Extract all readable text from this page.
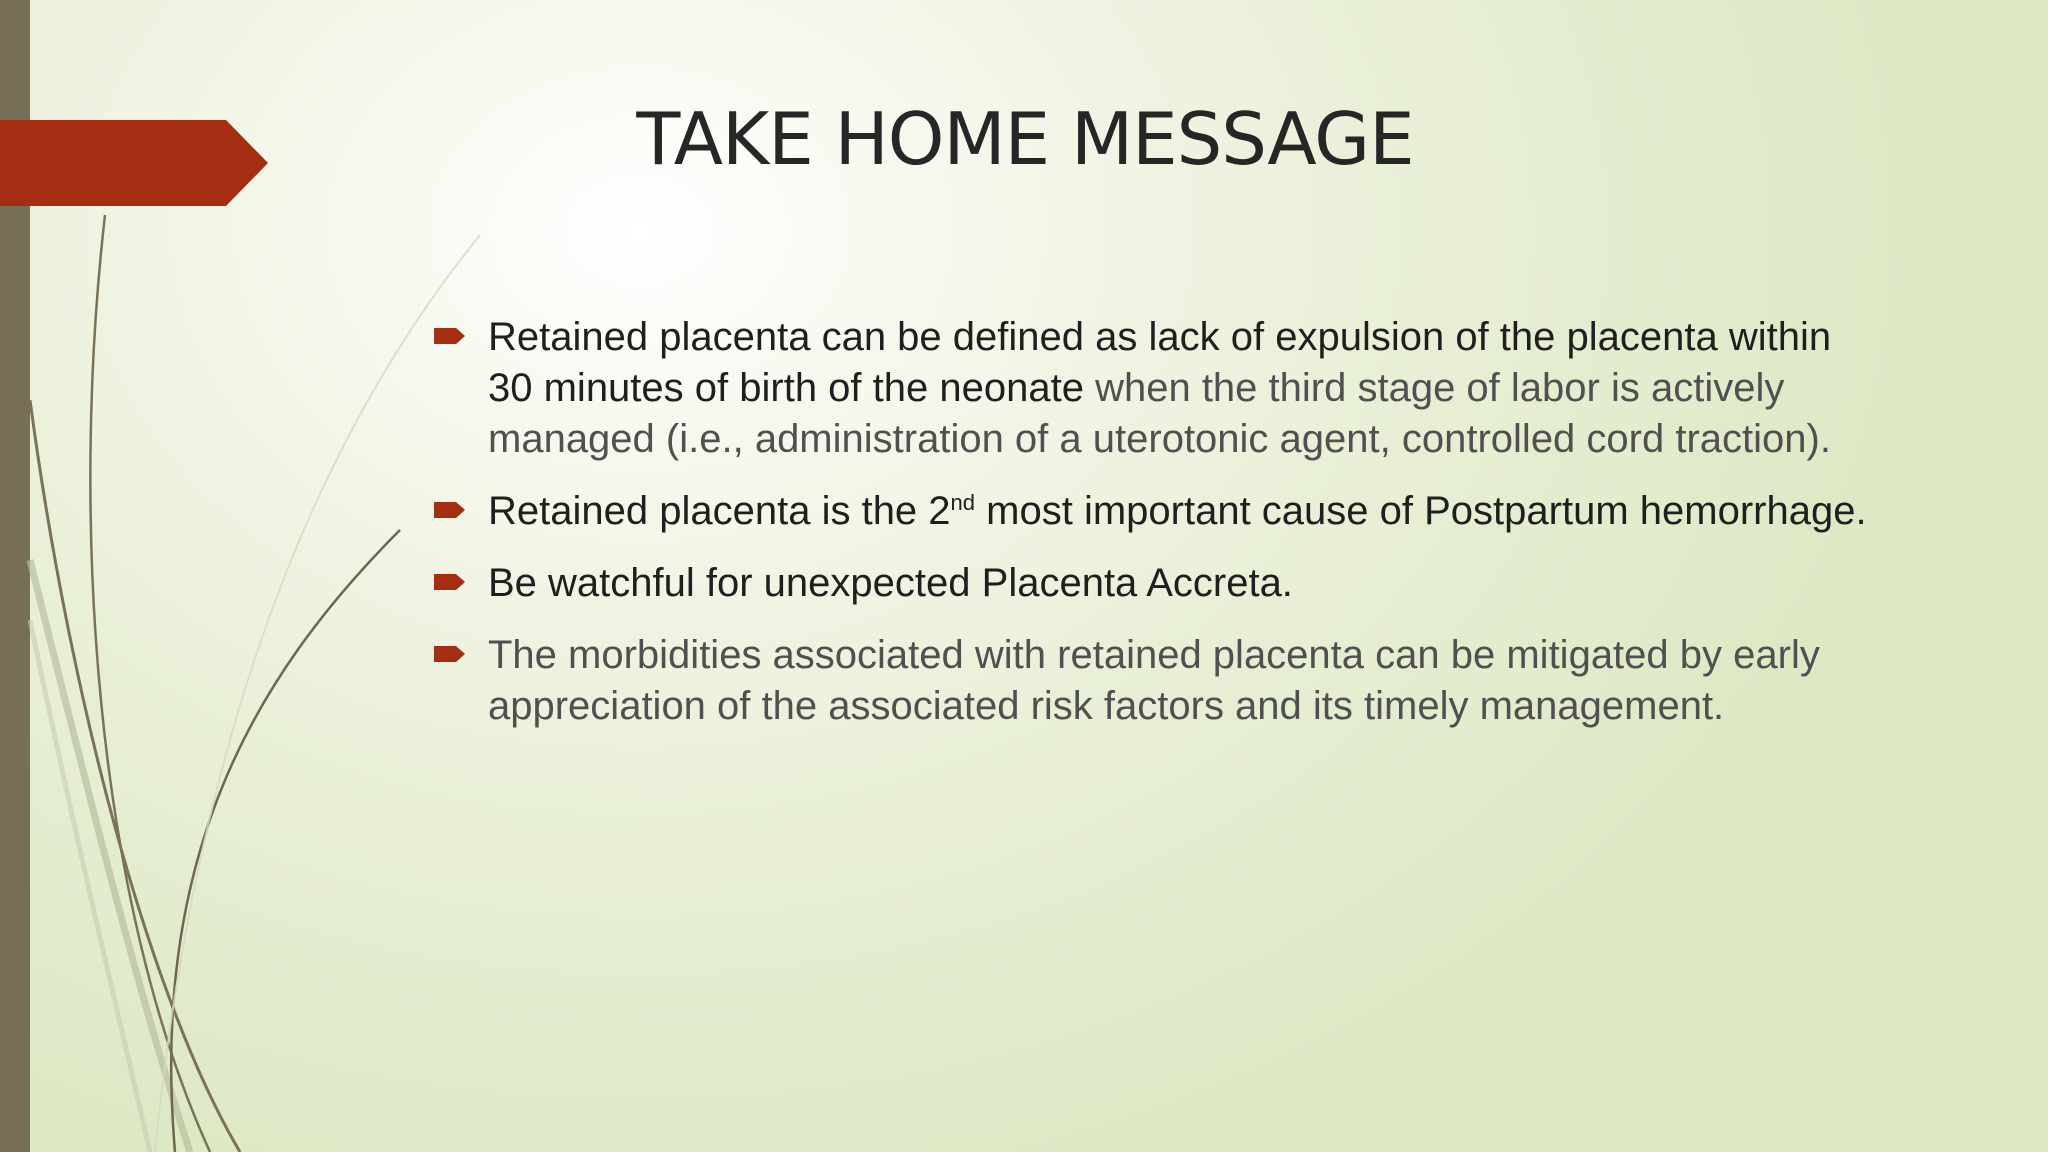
TAKE HOME MESSAGE
Retained placenta can be defined as lack of expulsion of the placenta within 30 minutes of birth of the neonate when the third stage of labor is actively managed (i.e., administration of a uterotonic agent, controlled cord traction).
Retained placenta is the 2nd most important cause of Postpartum hemorrhage.
Be watchful for unexpected Placenta Accreta.
The morbidities associated with retained placenta can be mitigated by early appreciation of the associated risk factors and its timely management.
